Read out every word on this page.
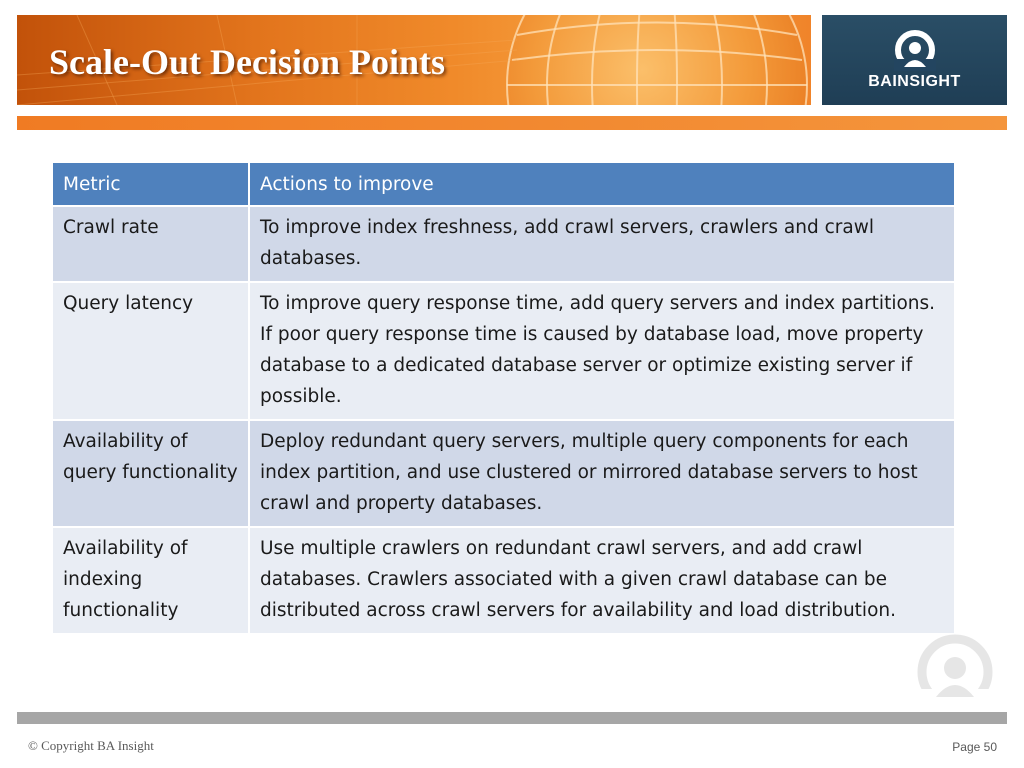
Scale-Out Decision Points	BAINSIGHT
Metric	Actions to improve
Crawl rate	To improve index freshness, add crawl servers, crawlers and crawl databases.
Query latency	To improve query response time, add query servers and index partitions. If poor query response time is caused by database load, move property database to a dedicated database server or optimize existing server if possible.
Availability of query functionality	Deploy redundant query servers, multiple query components for each index partition, and use clustered or mirrored database servers to host crawl and property databases.
Availability of indexing functionality	Use multiple crawlers on redundant crawl servers, and add crawl databases. Crawlers associated with a given crawl database can be distributed across crawl servers for availability and load distribution.
© Copyright BA Insight	Page 50
